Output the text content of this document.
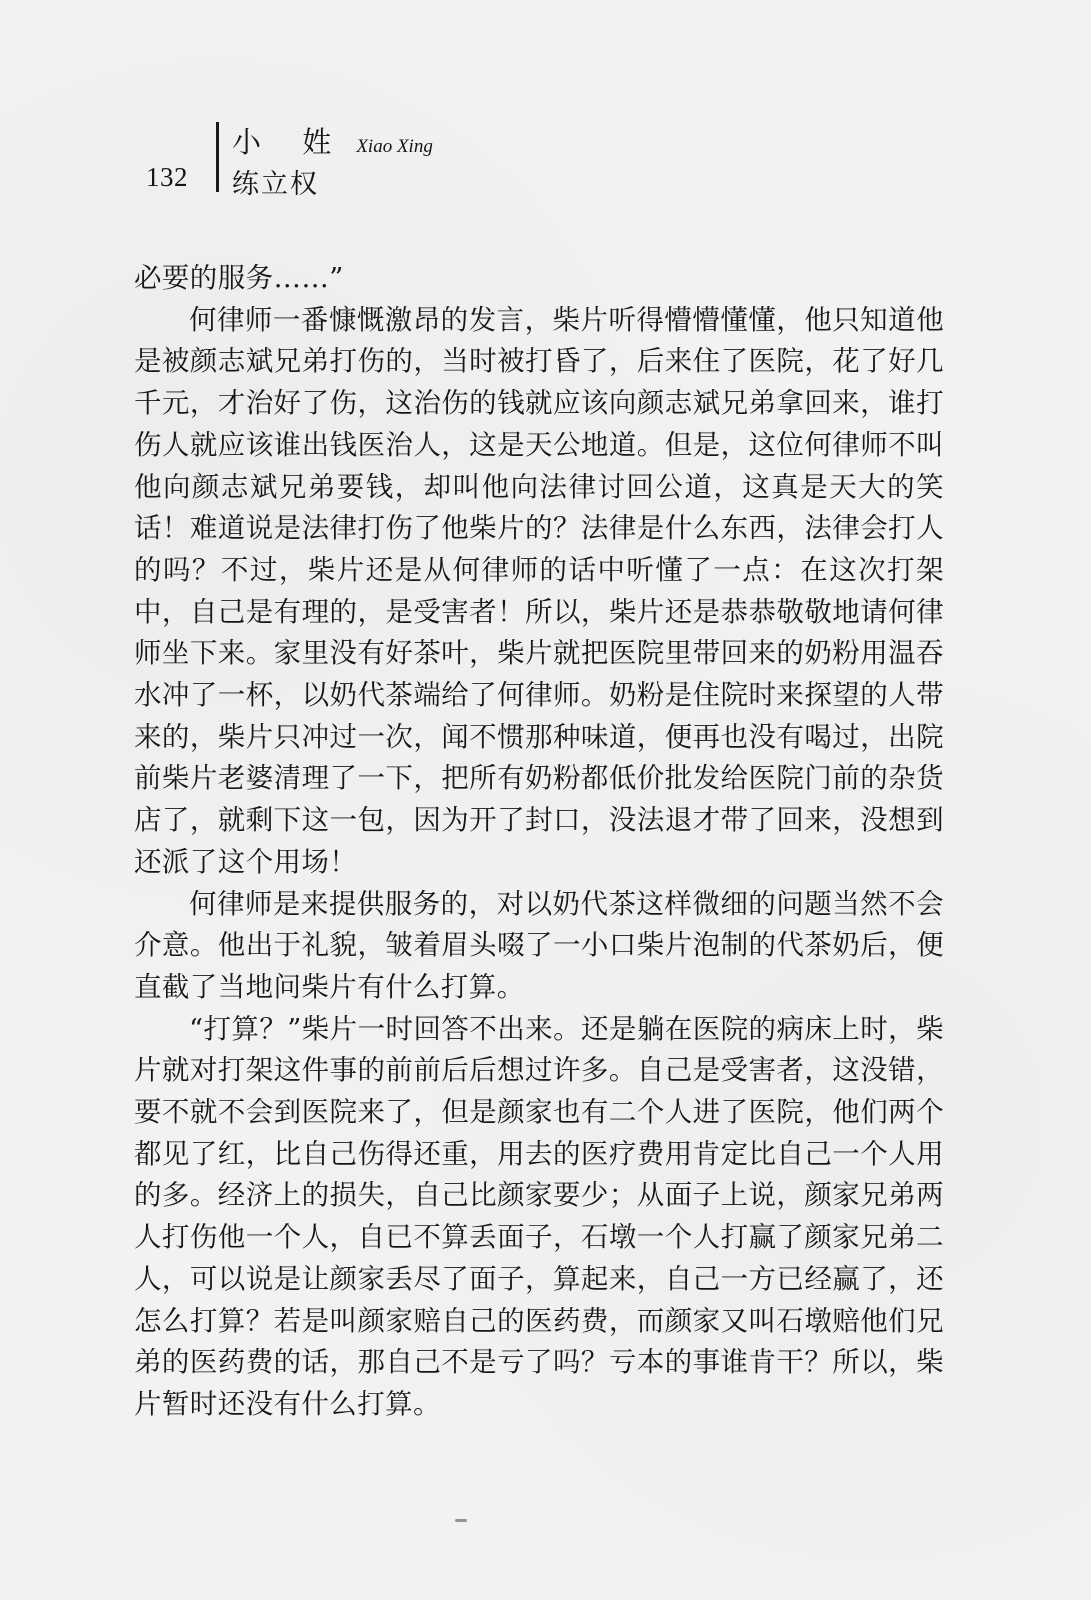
132
小 姓 Xiao Xing
练立权

必要的服务……”

何律师一番慷慨激昂的发言，柴片听得懵懵懂懂，他只知道他是被颜志斌兄弟打伤的，当时被打昏了，后来住了医院，花了好几千元，才治好了伤，这治伤的钱就应该向颜志斌兄弟拿回来，谁打伤人就应该谁出钱医治人，这是天公地道。但是，这位何律师不叫他向颜志斌兄弟要钱，却叫他向法律讨回公道，这真是天大的笑话！难道说是法律打伤了他柴片的？法律是什么东西，法律会打人的吗？不过，柴片还是从何律师的话中听懂了一点：在这次打架中，自己是有理的，是受害者！所以，柴片还是恭恭敬敬地请何律师坐下来。家里没有好茶叶，柴片就把医院里带回来的奶粉用温吞水冲了一杯，以奶代茶端给了何律师。奶粉是住院时来探望的人带来的，柴片只冲过一次，闻不惯那种味道，便再也没有喝过，出院前柴片老婆清理了一下，把所有奶粉都低价批发给医院门前的杂货店了，就剩下这一包，因为开了封口，没法退才带了回来，没想到还派了这个用场！

何律师是来提供服务的，对以奶代茶这样微细的问题当然不会介意。他出于礼貌，皱着眉头啜了一小口柴片泡制的代茶奶后，便直截了当地问柴片有什么打算。

“打算？”柴片一时回答不出来。还是躺在医院的病床上时，柴片就对打架这件事的前前后后想过许多。自己是受害者，这没错，要不就不会到医院来了，但是颜家也有二个人进了医院，他们两个都见了红，比自己伤得还重，用去的医疗费用肯定比自己一个人用的多。经济上的损失，自己比颜家要少；从面子上说，颜家兄弟两人打伤他一个人，自已不算丢面子，石墩一个人打赢了颜家兄弟二人，可以说是让颜家丢尽了面子，算起来，自己一方已经赢了，还怎么打算？若是叫颜家赔自己的医药费，而颜家又叫石墩赔他们兄弟的医药费的话，那自己不是亏了吗？亏本的事谁肯干？所以，柴片暂时还没有什么打算。
